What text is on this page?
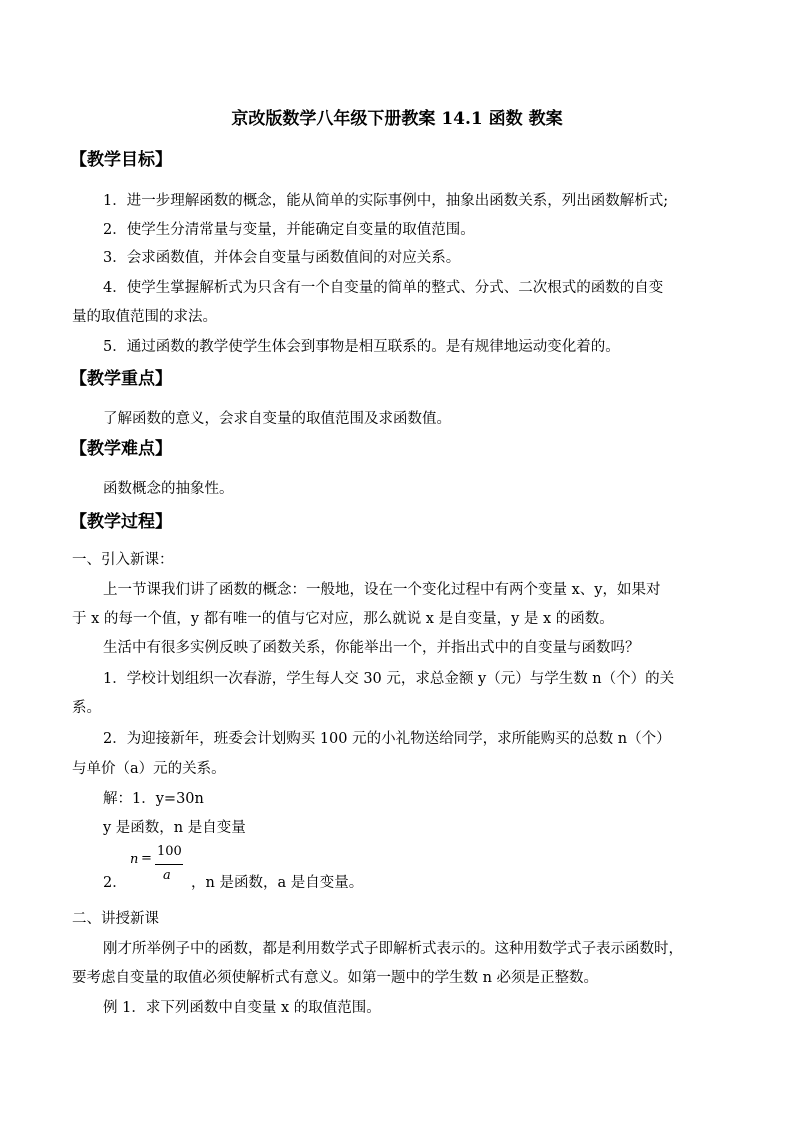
京改版数学八年级下册教案 14.1 函数 教案
【教学目标】
1．进一步理解函数的概念，能从简单的实际事例中，抽象出函数关系，列出函数解析式;
2．使学生分清常量与变量，并能确定自变量的取值范围。
3．会求函数值，并体会自变量与函数值间的对应关系。
4．使学生掌握解析式为只含有一个自变量的简单的整式、分式、二次根式的函数的自变
量的取值范围的求法。
5．通过函数的教学使学生体会到事物是相互联系的。是有规律地运动变化着的。
【教学重点】
了解函数的意义，会求自变量的取值范围及求函数值。
【教学难点】
函数概念的抽象性。
【教学过程】
一、引入新课：
上一节课我们讲了函数的概念：一般地，设在一个变化过程中有两个变量 x、y，如果对
于 x 的每一个值，y 都有唯一的值与它对应，那么就说 x 是自变量，y 是 x 的函数。
生活中有很多实例反映了函数关系，你能举出一个，并指出式中的自变量与函数吗？
1．学校计划组织一次春游，学生每人交 30 元，求总金额 y（元）与学生数 n（个）的关
系。
2．为迎接新年，班委会计划购买 100 元的小礼物送给同学，求所能购买的总数 n（个）
与单价（a）元的关系。
解：1．y=30n
y 是函数，n 是自变量
2．
n = 100
a ，n 是函数，a 是自变量。
二、讲授新课
刚才所举例子中的函数，都是利用数学式子即解析式表示的。这种用数学式子表示函数时，
要考虑自变量的取值必须使解析式有意义。如第一题中的学生数 n 必须是正整数。
例 1．求下列函数中自变量 x 的取值范围。
